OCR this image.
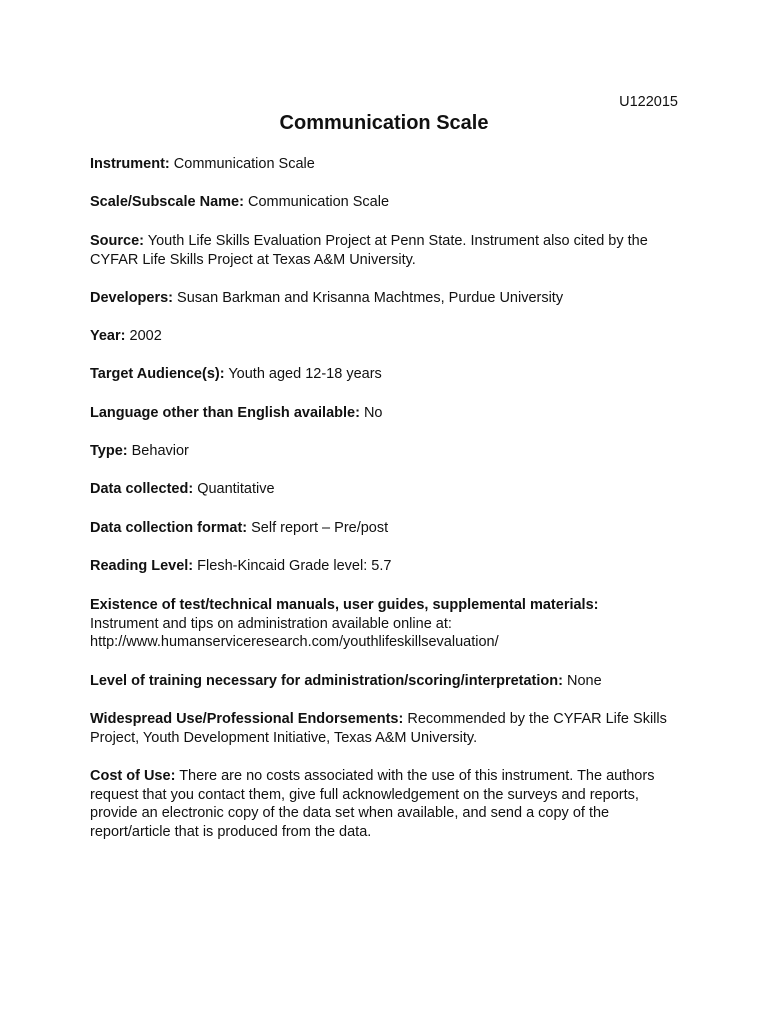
U122015
Communication Scale

Instrument: Communication Scale

Scale/Subscale Name: Communication Scale

Source: Youth Life Skills Evaluation Project at Penn State. Instrument also cited by the CYFAR Life Skills Project at Texas A&M University.

Developers: Susan Barkman and Krisanna Machtmes, Purdue University

Year: 2002

Target Audience(s): Youth aged 12-18 years

Language other than English available: No

Type: Behavior

Data collected: Quantitative

Data collection format: Self report – Pre/post

Reading Level: Flesh-Kincaid Grade level: 5.7

Existence of test/technical manuals, user guides, supplemental materials:
Instrument and tips on administration available online at:
http://www.humanserviceresearch.com/youthlifeskillsevaluation/

Level of training necessary for administration/scoring/interpretation: None

Widespread Use/Professional Endorsements: Recommended by the CYFAR Life Skills Project, Youth Development Initiative, Texas A&M University.

Cost of Use: There are no costs associated with the use of this instrument. The authors request that you contact them, give full acknowledgement on the surveys and reports, provide an electronic copy of the data set when available, and send a copy of the report/article that is produced from the data.
